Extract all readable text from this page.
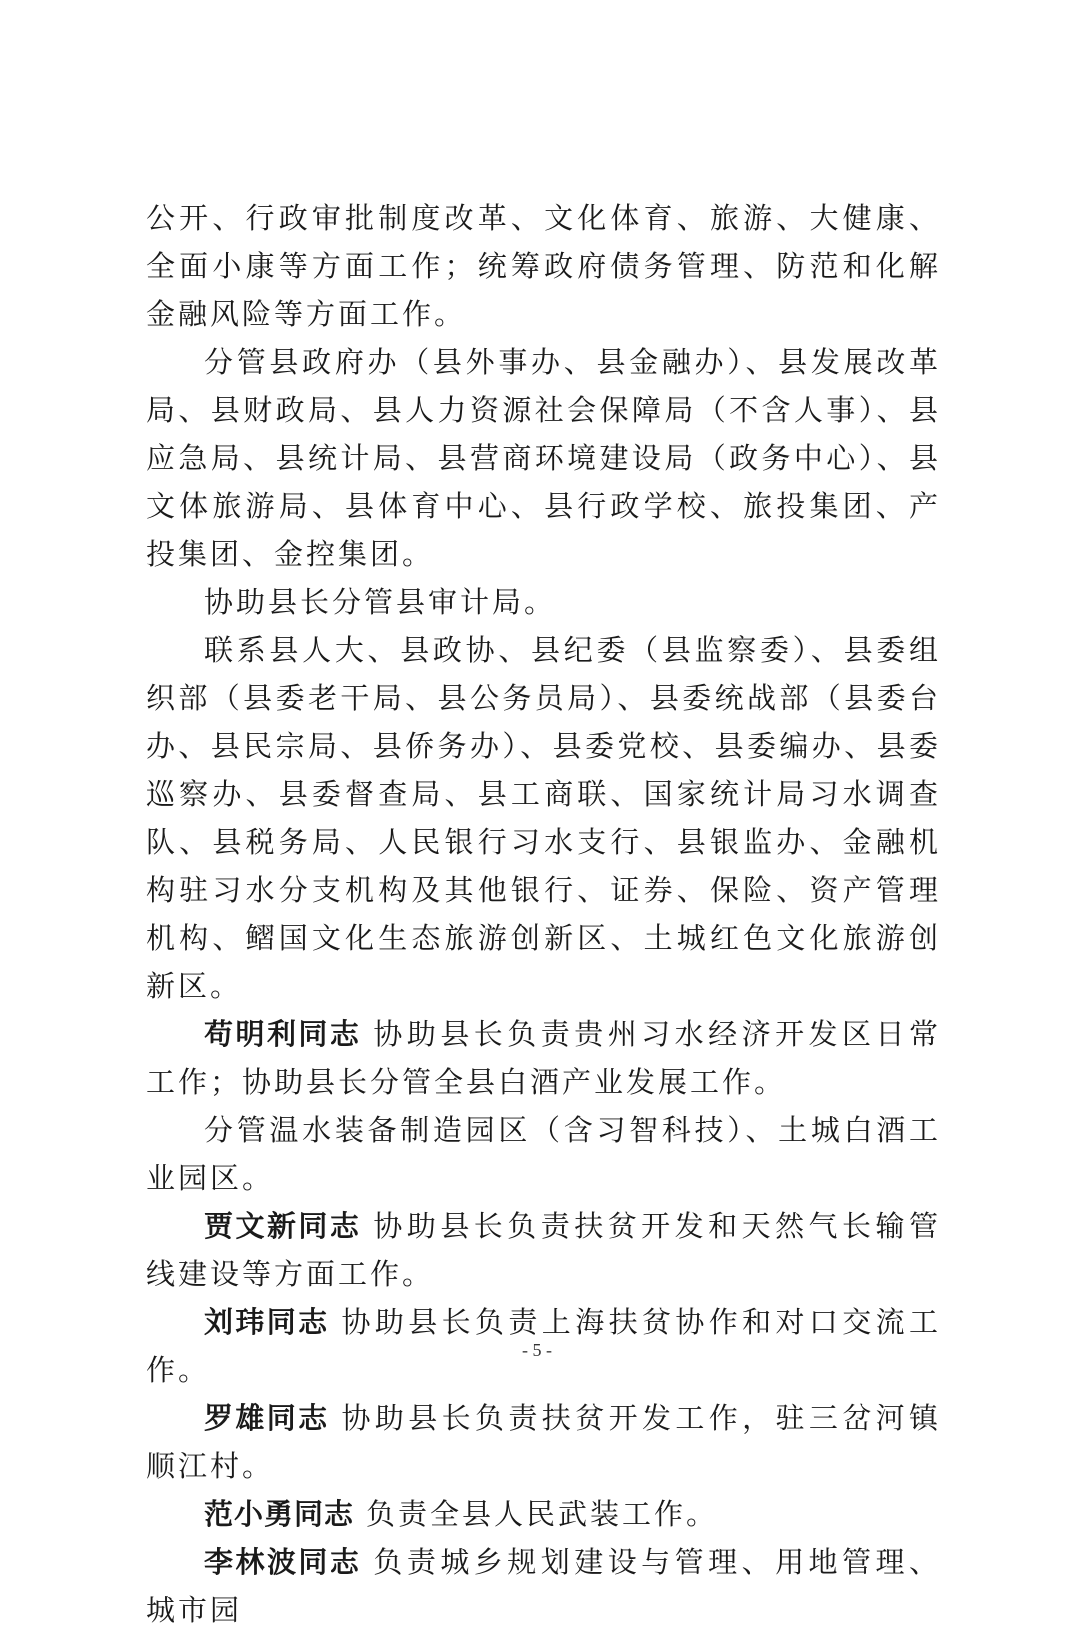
公开、行政审批制度改革、文化体育、旅游、大健康、全面小康等方面工作；统筹政府债务管理、防范和化解金融风险等方面工作。

分管县政府办（县外事办、县金融办）、县发展改革局、县财政局、县人力资源社会保障局（不含人事）、县应急局、县统计局、县营商环境建设局（政务中心）、县文体旅游局、县体育中心、县行政学校、旅投集团、产投集团、金控集团。

协助县长分管县审计局。

联系县人大、县政协、县纪委（县监察委）、县委组织部（县委老干局、县公务员局）、县委统战部（县委台办、县民宗局、县侨务办）、县委党校、县委编办、县委巡察办、县委督查局、县工商联、国家统计局习水调查队、县税务局、人民银行习水支行、县银监办、金融机构驻习水分支机构及其他银行、证券、保险、资产管理机构、鳛国文化生态旅游创新区、土城红色文化旅游创新区。

苟明利同志 协助县长负责贵州习水经济开发区日常工作；协助县长分管全县白酒产业发展工作。

分管温水装备制造园区（含习智科技）、土城白酒工业园区。

贾文新同志 协助县长负责扶贫开发和天然气长输管线建设等方面工作。

刘玮同志 协助县长负责上海扶贫协作和对口交流工作。

罗雄同志 协助县长负责扶贫开发工作，驻三岔河镇顺江村。

范小勇同志 负责全县人民武装工作。

李林波同志 负责城乡规划建设与管理、用地管理、城市园

- 5 -
